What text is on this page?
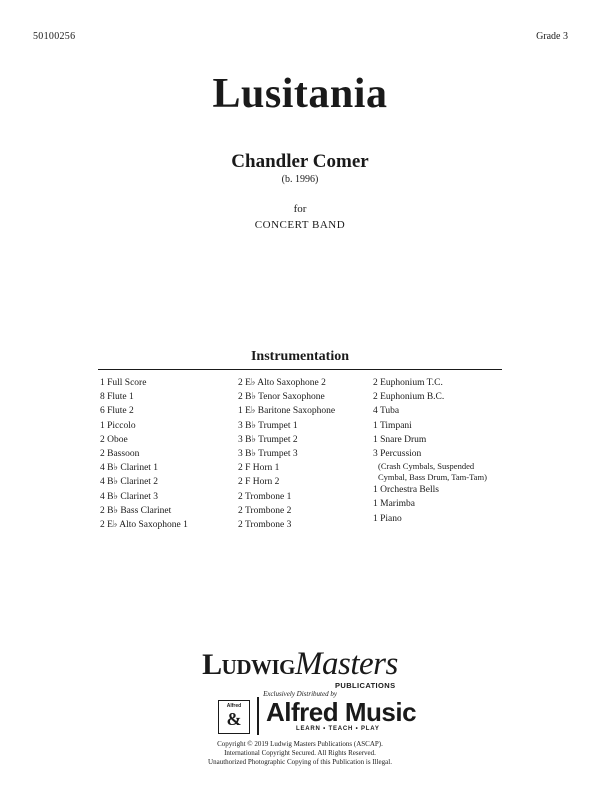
50100256	Grade 3
Lusitania
Chandler Comer
(b. 1996)
for
CONCERT BAND
Instrumentation
1 Full Score
8 Flute 1
6 Flute 2
1 Piccolo
2 Oboe
2 Bassoon
4 B♭ Clarinet 1
4 B♭ Clarinet 2
4 B♭ Clarinet 3
2 B♭ Bass Clarinet
2 E♭ Alto Saxophone 1
2 E♭ Alto Saxophone 2
2 B♭ Tenor Saxophone
1 E♭ Baritone Saxophone
3 B♭ Trumpet 1
3 B♭ Trumpet 2
3 B♭ Trumpet 3
2 F Horn 1
2 F Horn 2
2 Trombone 1
2 Trombone 2
2 Trombone 3
2 Euphonium T.C.
2 Euphonium B.C.
4 Tuba
1 Timpani
1 Snare Drum
3 Percussion
(Crash Cymbals, Suspended
Cymbal, Bass Drum, Tam-Tam)
1 Orchestra Bells
1 Marimba
1 Piano
LudwigMasters
PUBLICATIONS
Exclusively Distributed by
Alfred
& Alfred Music
LEARN • TEACH • PLAY
Copyright © 2019 Ludwig Masters Publications (ASCAP).
International Copyright Secured. All Rights Reserved.
Unauthorized Photographic Copying of this Publication is Illegal.
